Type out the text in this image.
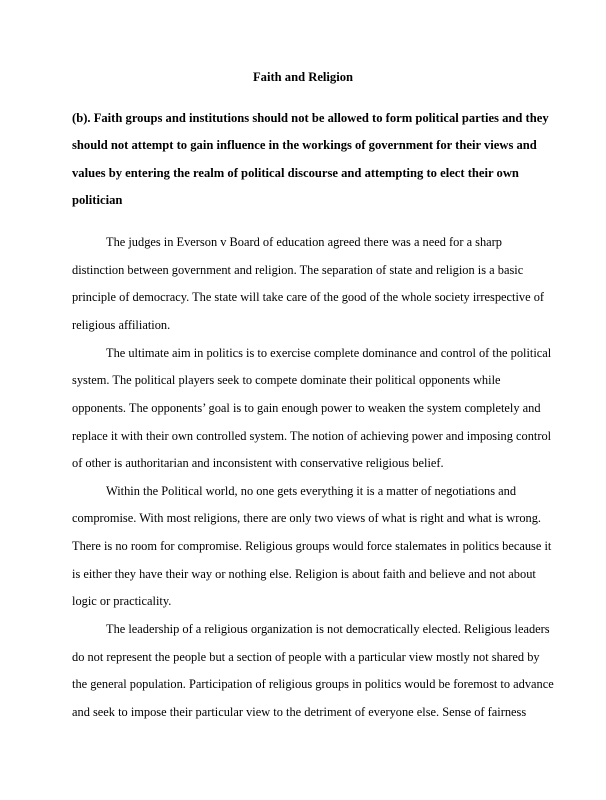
Faith and Religion
(b). Faith groups and institutions should not be allowed to form political parties and they
should not attempt to gain influence in the workings of government for their views and
values by entering the realm of political discourse and attempting to elect their own
politician
The judges in Everson v Board of education agreed there was a need for a sharp
distinction between government and religion. The separation of state and religion is a basic
principle of democracy. The state will take care of the good of the whole society irrespective of
religious affiliation.
The ultimate aim in politics is to exercise complete dominance and control of the political
system. The political players seek to compete dominate their political opponents while
opponents. The opponents’ goal is to gain enough power to weaken the system completely and
replace it with their own controlled system. The notion of achieving power and imposing control
of other is authoritarian and inconsistent with conservative religious belief.
Within the Political world, no one gets everything it is a matter of negotiations and
compromise. With most religions, there are only two views of what is right and what is wrong.
There is no room for compromise. Religious groups would force stalemates in politics because it
is either they have their way or nothing else. Religion is about faith and believe and not about
logic or practicality.
The leadership of a religious organization is not democratically elected. Religious leaders
do not represent the people but a section of people with a particular view mostly not shared by
the general population. Participation of religious groups in politics would be foremost to advance
and seek to impose their particular view to the detriment of everyone else. Sense of fairness
